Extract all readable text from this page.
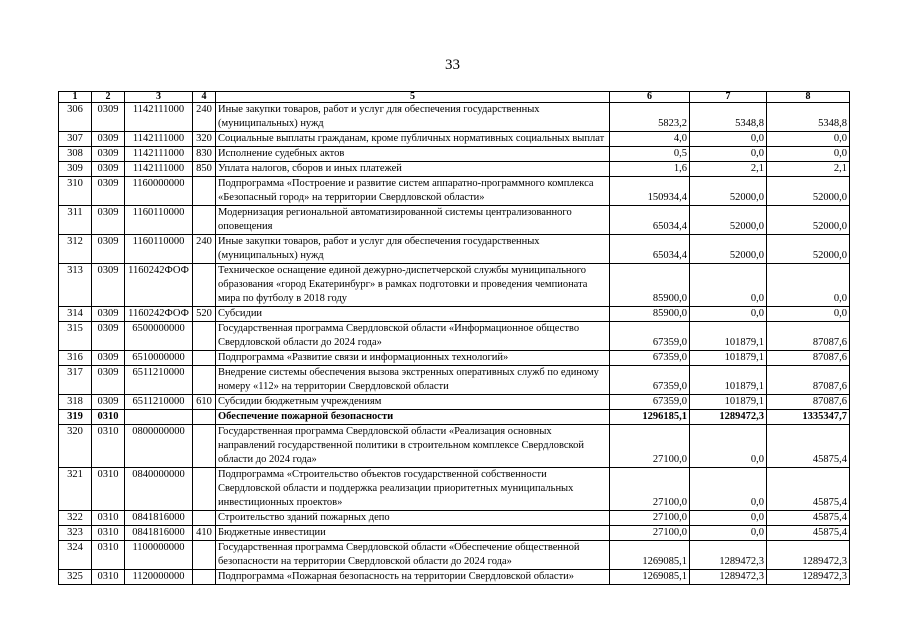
33
1	2	3	4	5	6	7	8
306	0309	1142111000	240	Иные закупки товаров, работ и услуг для обеспечения государственных (муниципальных) нужд	5823,2	5348,8	5348,8
307	0309	1142111000	320	Социальные выплаты гражданам, кроме публичных нормативных социальных выплат	4,0	0,0	0,0
308	0309	1142111000	830	Исполнение судебных актов	0,5	0,0	0,0
309	0309	1142111000	850	Уплата налогов, сборов и иных платежей	1,6	2,1	2,1
310	0309	1160000000		Подпрограмма «Построение и развитие систем аппаратно-программного комплекса «Безопасный город» на территории Свердловской области»	150934,4	52000,0	52000,0
311	0309	1160110000		Модернизация региональной автоматизированной системы централизованного оповещения	65034,4	52000,0	52000,0
312	0309	1160110000	240	Иные закупки товаров, работ и услуг для обеспечения государственных (муниципальных) нужд	65034,4	52000,0	52000,0
313	0309	1160242ФОФ		Техническое оснащение единой дежурно-диспетчерской службы муниципального образования «город Екатеринбург» в рамках подготовки и проведения чемпионата мира по футболу в 2018 году	85900,0	0,0	0,0
314	0309	1160242ФОФ	520	Субсидии	85900,0	0,0	0,0
315	0309	6500000000		Государственная программа Свердловской области «Информационное общество Свердловской области до 2024 года»	67359,0	101879,1	87087,6
316	0309	6510000000		Подпрограмма «Развитие связи и информационных технологий»	67359,0	101879,1	87087,6
317	0309	6511210000		Внедрение системы обеспечения вызова экстренных оперативных служб по единому номеру «112» на территории Свердловской области	67359,0	101879,1	87087,6
318	0309	6511210000	610	Субсидии бюджетным учреждениям	67359,0	101879,1	87087,6
319	0310			Обеспечение пожарной безопасности	1296185,1	1289472,3	1335347,7
320	0310	0800000000		Государственная программа Свердловской области «Реализация основных направлений государственной политики в строительном комплексе Свердловской области до 2024 года»	27100,0	0,0	45875,4
321	0310	0840000000		Подпрограмма «Строительство объектов государственной собственности Свердловской области и поддержка реализации приоритетных муниципальных инвестиционных проектов»	27100,0	0,0	45875,4
322	0310	0841816000		Строительство зданий пожарных депо	27100,0	0,0	45875,4
323	0310	0841816000	410	Бюджетные инвестиции	27100,0	0,0	45875,4
324	0310	1100000000		Государственная программа Свердловской области «Обеспечение общественной безопасности на территории Свердловской области до 2024 года»	1269085,1	1289472,3	1289472,3
325	0310	1120000000		Подпрограмма «Пожарная безопасность на территории Свердловской области»	1269085,1	1289472,3	1289472,3
